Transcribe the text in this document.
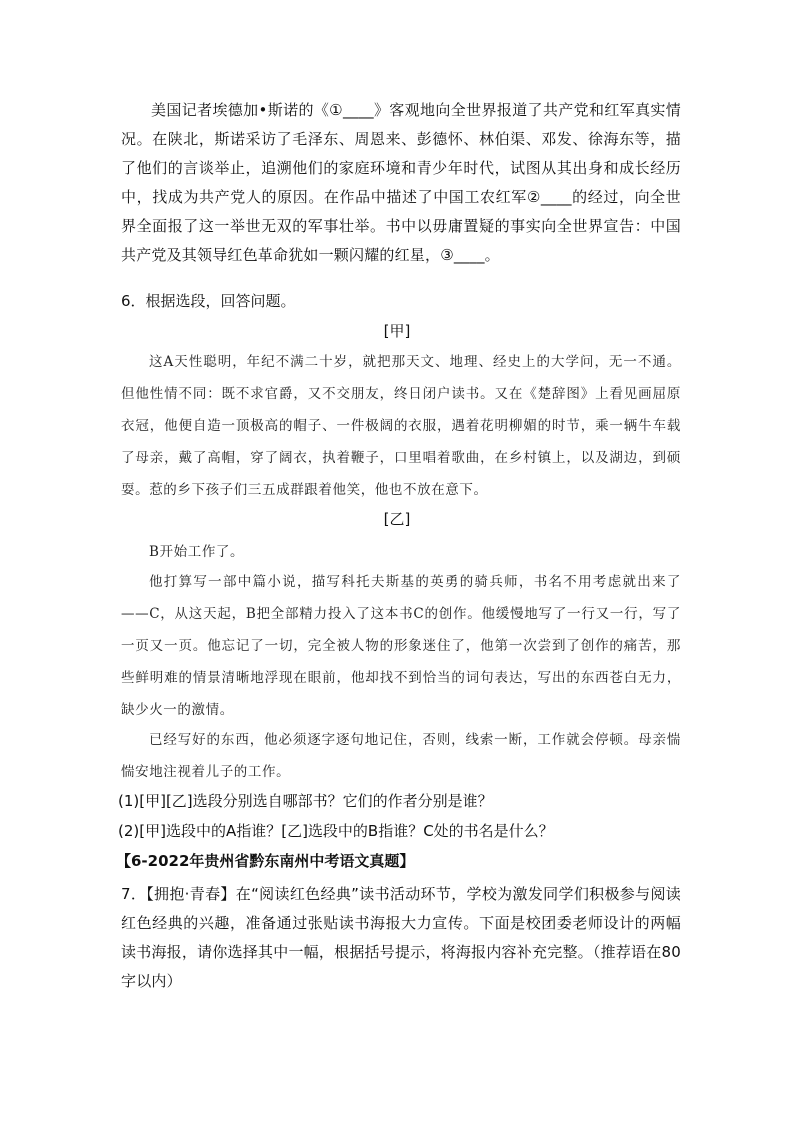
美国记者埃德加•斯诺的《①____》客观地向全世界报道了共产党和红军真实情况。在陕北，斯诺采访了毛泽东、周恩来、彭德怀、林伯渠、邓发、徐海东等，描了他们的言谈举止，追溯他们的家庭环境和青少年时代，试图从其出身和成长经历中，找成为共产党人的原因。在作品中描述了中国工农红军②____的经过，向全世界全面报了这一举世无双的军事壮举。书中以毋庸置疑的事实向全世界宣告：中国共产党及其领导红色革命犹如一颗闪耀的红星，③____。

6．根据选段，回答问题。
[甲]

这A天性聪明，年纪不满二十岁，就把那天文、地理、经史上的大学问，无一不通。但他性情不同：既不求官爵，又不交朋友，终日闭户读书。又在《楚辞图》上看见画屈原衣冠，他便自造一顶极高的帽子、一件极阔的衣服，遇着花明柳媚的时节，乘一辆牛车载了母亲，戴了高帽，穿了阔衣，执着鞭子，口里唱着歌曲，在乡村镇上，以及湖边，到硕耍。惹的乡下孩子们三五成群跟着他笑，他也不放在意下。

[乙]

B开始工作了。

他打算写一部中篇小说，描写科托夫斯基的英勇的骑兵师，书名不用考虑就出来了——C，从这天起，B把全部精力投入了这本书C的创作。他缓慢地写了一行又一行，写了一页又一页。他忘记了一切，完全被人物的形象迷住了，他第一次尝到了创作的痛苦，那些鲜明难的情景清晰地浮现在眼前，他却找不到恰当的词句表达，写出的东西苍白无力，缺少火一的激情。

已经写好的东西，他必须逐字逐句地记住，否则，线索一断，工作就会停顿。母亲惴惴安地注视着儿子的工作。

(1)[甲][乙]选段分别选自哪部书？它们的作者分别是谁？
(2)[甲]选段中的A指谁？[乙]选段中的B指谁？C处的书名是什么？
【6-2022年贵州省黔东南州中考语文真题】

7．【拥抱·青春】在“阅读红色经典”读书活动环节，学校为激发同学们积极参与阅读红色经典的兴趣，准备通过张贴读书海报大力宣传。下面是校团委老师设计的两幅读书海报，请你选择其中一幅，根据括号提示，将海报内容补充完整。（推荐语在80字以内）
